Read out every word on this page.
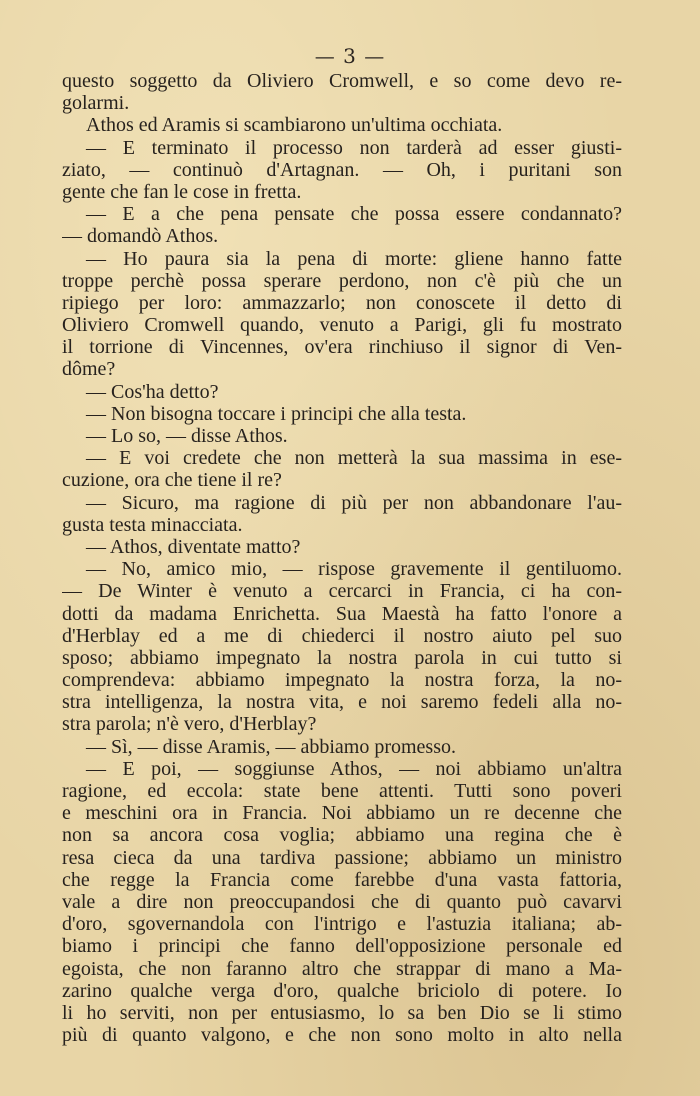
— 3 —
questo soggetto da Oliviero Cromwell, e so come devo re-
golarmi.
Athos ed Aramis si scambiarono un'ultima occhiata.
— E terminato il processo non tarderà ad esser giusti-
ziato, — continuò d'Artagnan. — Oh, i puritani son
gente che fan le cose in fretta.
— E a che pena pensate che possa essere condannato?
— domandò Athos.
— Ho paura sia la pena di morte: gliene hanno fatte
troppe perchè possa sperare perdono, non c'è più che un
ripiego per loro: ammazzarlo; non conoscete il detto di
Oliviero Cromwell quando, venuto a Parigi, gli fu mostrato
il torrione di Vincennes, ov'era rinchiuso il signor di Ven-
dôme?
— Cos'ha detto?
— Non bisogna toccare i principi che alla testa.
— Lo so, — disse Athos.
— E voi credete che non metterà la sua massima in ese-
cuzione, ora che tiene il re?
— Sicuro, ma ragione di più per non abbandonare l'au-
gusta testa minacciata.
— Athos, diventate matto?
— No, amico mio, — rispose gravemente il gentiluomo.
— De Winter è venuto a cercarci in Francia, ci ha con-
dotti da madama Enrichetta. Sua Maestà ha fatto l'onore a
d'Herblay ed a me di chiederci il nostro aiuto pel suo
sposo; abbiamo impegnato la nostra parola in cui tutto si
comprendeva: abbiamo impegnato la nostra forza, la no-
stra intelligenza, la nostra vita, e noi saremo fedeli alla no-
stra parola; n'è vero, d'Herblay?
— Sì, — disse Aramis, — abbiamo promesso.
— E poi, — soggiunse Athos, — noi abbiamo un'altra
ragione, ed eccola: state bene attenti. Tutti sono poveri
e meschini ora in Francia. Noi abbiamo un re decenne che
non sa ancora cosa voglia; abbiamo una regina che è
resa cieca da una tardiva passione; abbiamo un ministro
che regge la Francia come farebbe d'una vasta fattoria,
vale a dire non preoccupandosi che di quanto può cavarvi
d'oro, sgovernandola con l'intrigo e l'astuzia italiana; ab-
biamo i principi che fanno dell'opposizione personale ed
egoista, che non faranno altro che strappar di mano a Ma-
zarino qualche verga d'oro, qualche briciolo di potere. Io
li ho serviti, non per entusiasmo, lo sa ben Dio se li stimo
più di quanto valgono, e che non sono molto in alto nella
